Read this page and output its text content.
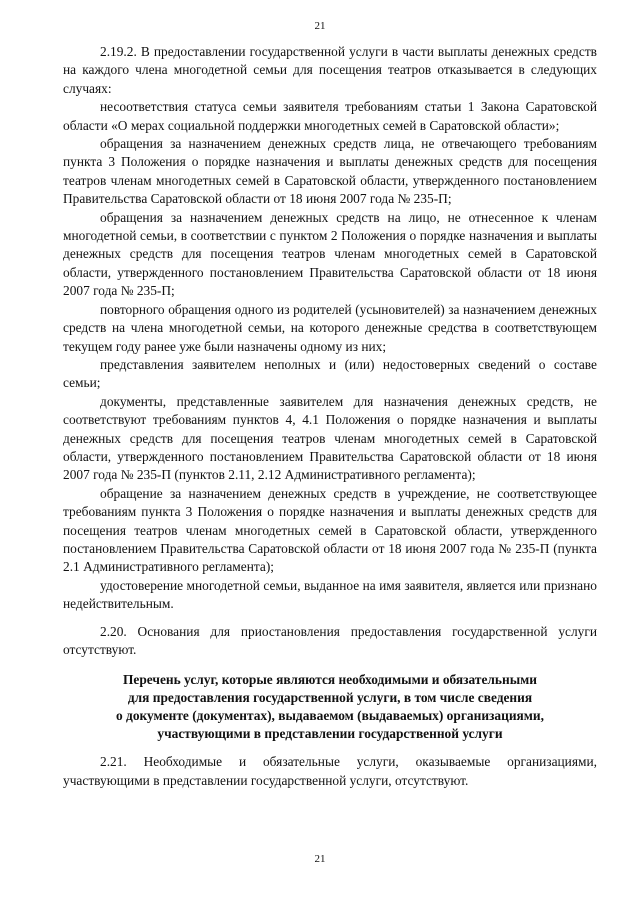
21

2.19.2. В предоставлении государственной услуги в части выплаты денежных средств на каждого члена многодетной семьи для посещения театров отказывается в следующих случаях:

несоответствия статуса семьи заявителя требованиям статьи 1 Закона Саратовской области «О мерах социальной поддержки многодетных семей в Саратовской области»;

обращения за назначением денежных средств лица, не отвечающего требованиям пункта 3 Положения о порядке назначения и выплаты денежных средств для посещения театров членам многодетных семей в Саратовской области, утвержденного постановлением Правительства Саратовской области от 18 июня 2007 года № 235-П;

обращения за назначением денежных средств на лицо, не отнесенное к членам многодетной семьи, в соответствии с пунктом 2 Положения о порядке назначения и выплаты денежных средств для посещения театров членам многодетных семей в Саратовской области, утвержденного постановлением Правительства Саратовской области от 18 июня 2007 года № 235-П;

повторного обращения одного из родителей (усыновителей) за назначением денежных средств на члена многодетной семьи, на которого денежные средства в соответствующем текущем году ранее уже были назначены одному из них;

представления заявителем неполных и (или) недостоверных сведений о составе семьи;

документы, представленные заявителем для назначения денежных средств, не соответствуют требованиям пунктов 4, 4.1 Положения о порядке назначения и выплаты денежных средств для посещения театров членам многодетных семей в Саратовской области, утвержденного постановлением Правительства Саратовской области от 18 июня 2007 года № 235-П (пунктов 2.11, 2.12 Административного регламента);

обращение за назначением денежных средств в учреждение, не соответствующее требованиям пункта 3 Положения о порядке назначения и выплаты денежных средств для посещения театров членам многодетных семей в Саратовской области, утвержденного постановлением Правительства Саратовской области от 18 июня 2007 года № 235-П (пункта 2.1 Административного регламента);

удостоверение многодетной семьи, выданное на имя заявителя, является или признано недействительным.

2.20. Основания для приостановления предоставления государственной услуги отсутствуют.

Перечень услуг, которые являются необходимыми и обязательными
для предоставления государственной услуги, в том числе сведения
о документе (документах), выдаваемом (выдаваемых) организациями,
участвующими в представлении государственной услуги

2.21. Необходимые и обязательные услуги, оказываемые организациями, участвующими в представлении государственной услуги, отсутствуют.

21
